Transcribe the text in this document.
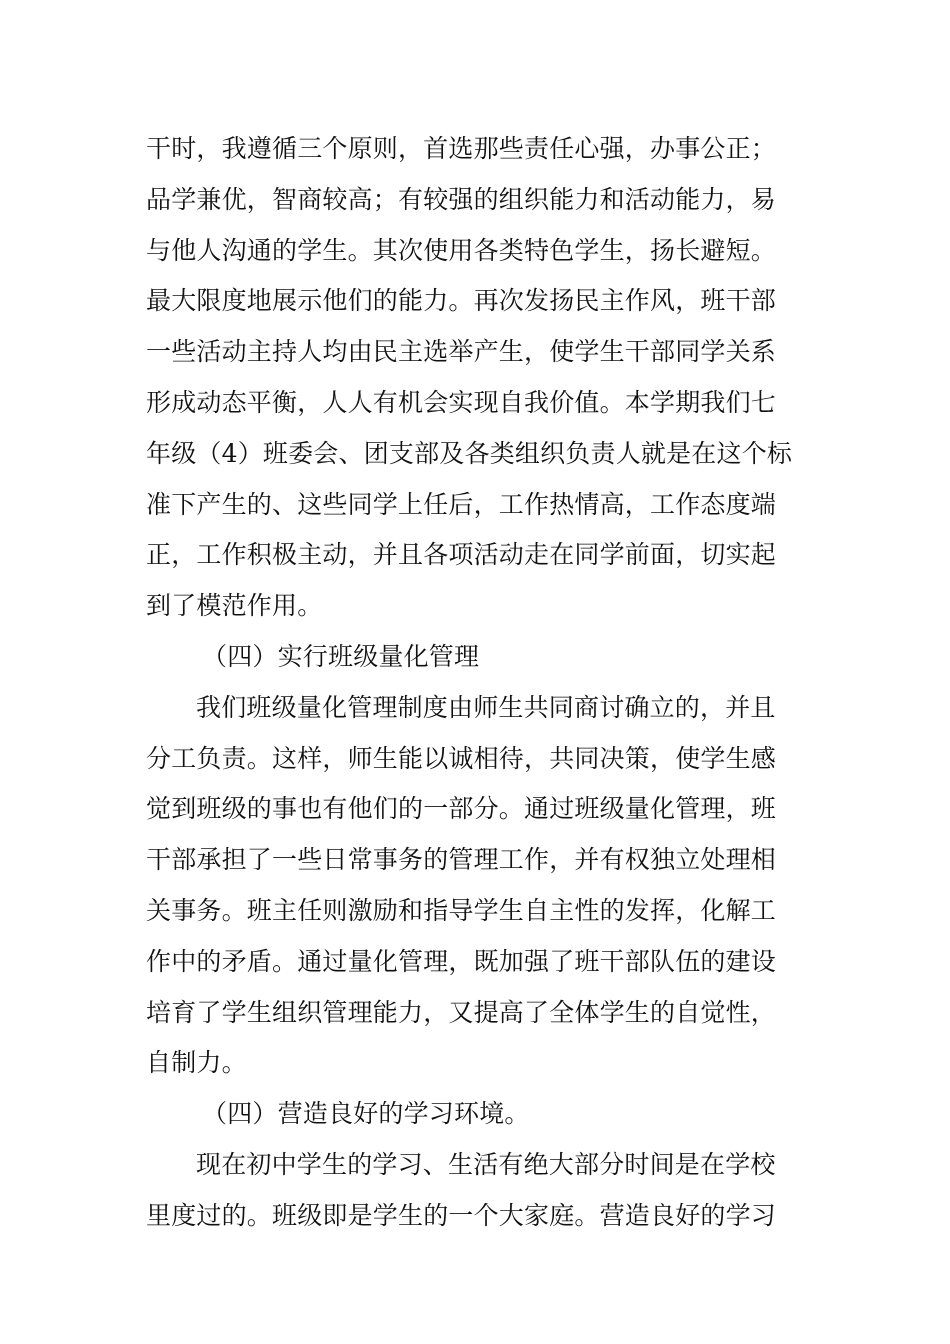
干时，我遵循三个原则，首选那些责任心强，办事公正；
品学兼优，智商较高；有较强的组织能力和活动能力，易
与他人沟通的学生。其次使用各类特色学生，扬长避短。
最大限度地展示他们的能力。再次发扬民主作风，班干部
一些活动主持人均由民主选举产生，使学生干部同学关系
形成动态平衡，人人有机会实现自我价值。本学期我们七
年级（4）班委会、团支部及各类组织负责人就是在这个标
准下产生的、这些同学上任后，工作热情高，工作态度端
正，工作积极主动，并且各项活动走在同学前面，切实起
到了模范作用。
（四）实行班级量化管理
我们班级量化管理制度由师生共同商讨确立的，并且
分工负责。这样，师生能以诚相待，共同决策，使学生感
觉到班级的事也有他们的一部分。通过班级量化管理，班
干部承担了一些日常事务的管理工作，并有权独立处理相
关事务。班主任则激励和指导学生自主性的发挥，化解工
作中的矛盾。通过量化管理，既加强了班干部队伍的建设
培育了学生组织管理能力，又提高了全体学生的自觉性，
自制力。
（四）营造良好的学习环境。
现在初中学生的学习、生活有绝大部分时间是在学校
里度过的。班级即是学生的一个大家庭。营造良好的学习
